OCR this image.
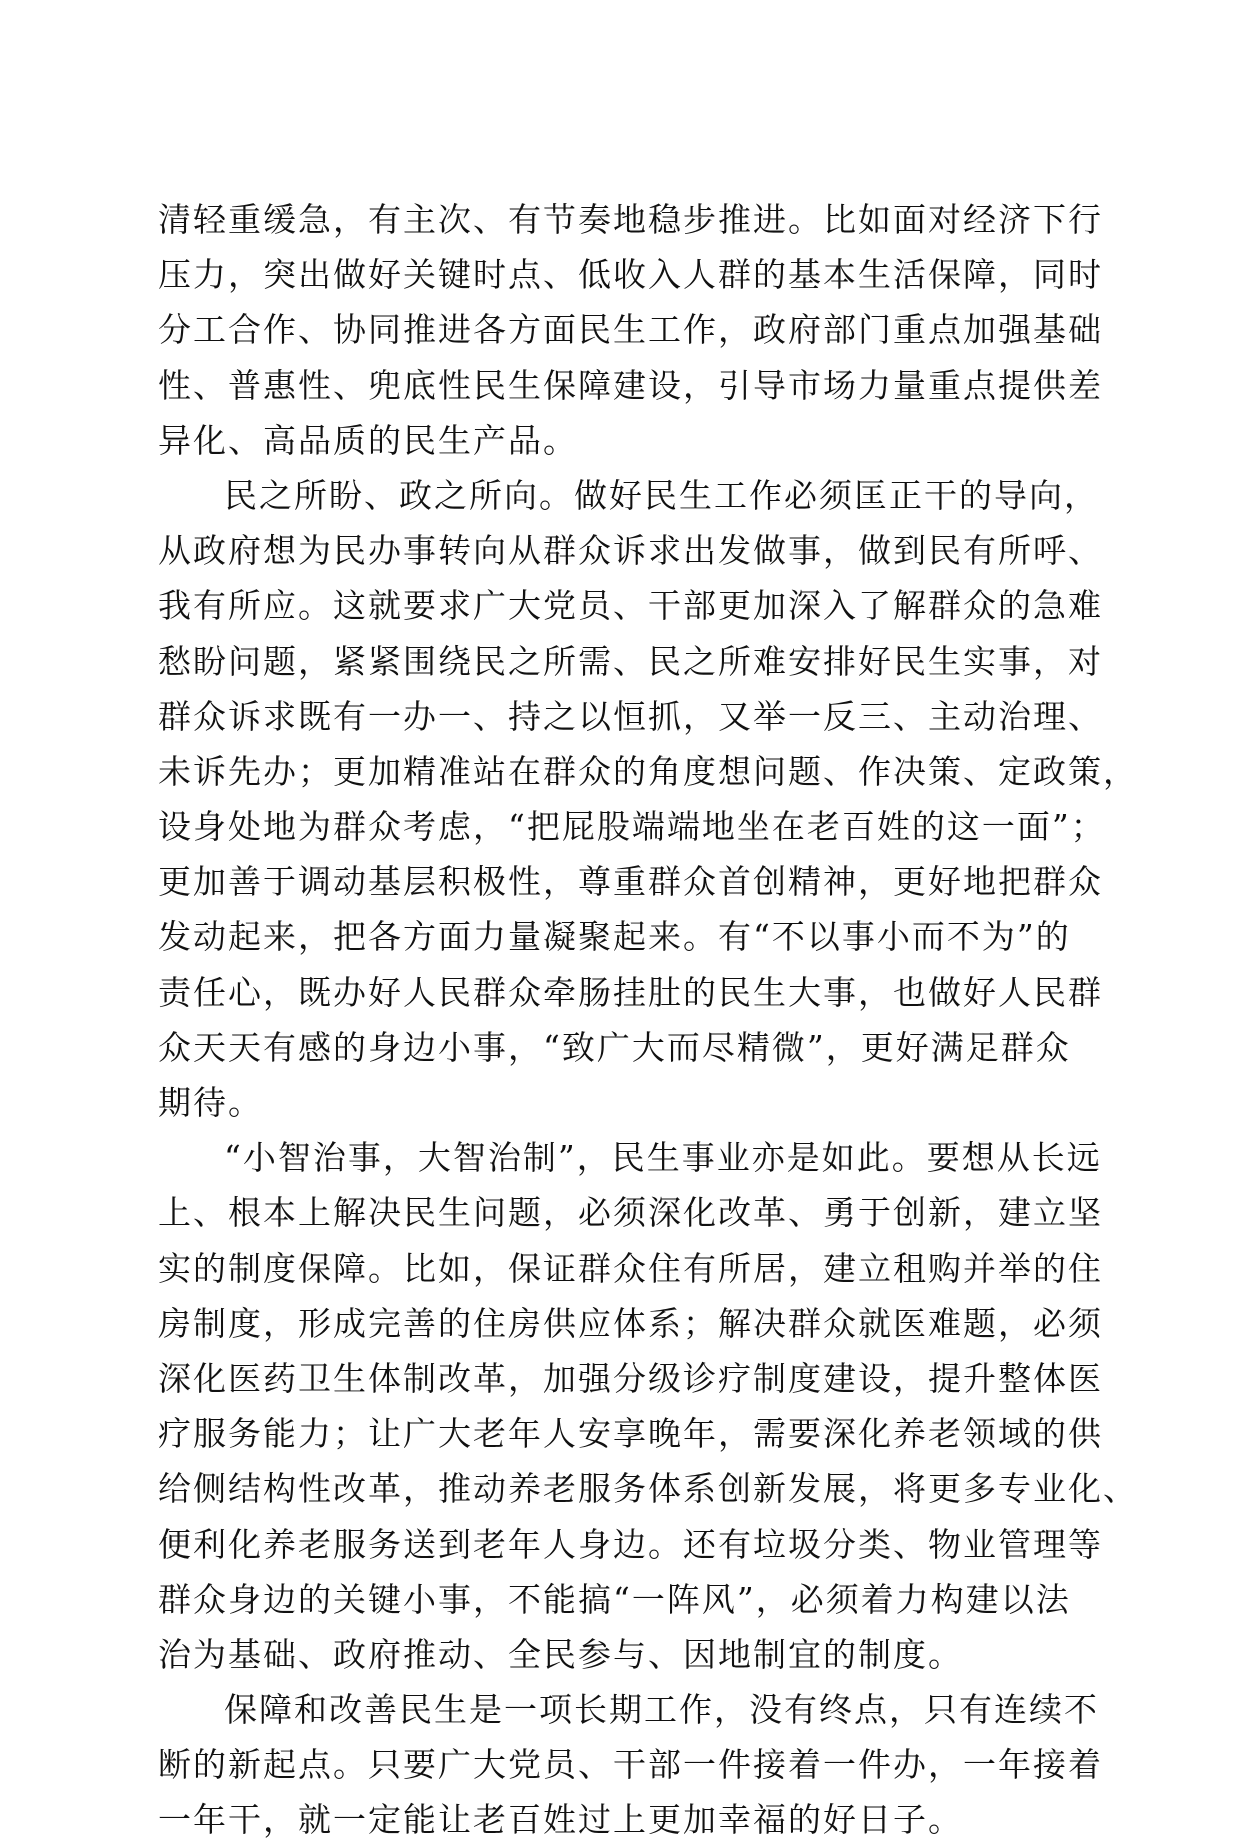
清轻重缓急，有主次、有节奏地稳步推进。比如面对经济下行
压力，突出做好关键时点、低收入人群的基本生活保障，同时
分工合作、协同推进各方面民生工作，政府部门重点加强基础
性、普惠性、兜底性民生保障建设，引导市场力量重点提供差
异化、高品质的民生产品。
民之所盼、政之所向。做好民生工作必须匡正干的导向，
从政府想为民办事转向从群众诉求出发做事，做到民有所呼、
我有所应。这就要求广大党员、干部更加深入了解群众的急难
愁盼问题，紧紧围绕民之所需、民之所难安排好民生实事，对
群众诉求既有一办一、持之以恒抓，又举一反三、主动治理、
未诉先办；更加精准站在群众的角度想问题、作决策、定政策，
设身处地为群众考虑，“把屁股端端地坐在老百姓的这一面”；
更加善于调动基层积极性，尊重群众首创精神，更好地把群众
发动起来，把各方面力量凝聚起来。有“不以事小而不为”的
责任心，既办好人民群众牵肠挂肚的民生大事，也做好人民群
众天天有感的身边小事，“致广大而尽精微”，更好满足群众
期待。
“小智治事，大智治制”，民生事业亦是如此。要想从长远
上、根本上解决民生问题，必须深化改革、勇于创新，建立坚
实的制度保障。比如，保证群众住有所居，建立租购并举的住
房制度，形成完善的住房供应体系；解决群众就医难题，必须
深化医药卫生体制改革，加强分级诊疗制度建设，提升整体医
疗服务能力；让广大老年人安享晚年，需要深化养老领域的供
给侧结构性改革，推动养老服务体系创新发展，将更多专业化、
便利化养老服务送到老年人身边。还有垃圾分类、物业管理等
群众身边的关键小事，不能搞“一阵风”，必须着力构建以法
治为基础、政府推动、全民参与、因地制宜的制度。
保障和改善民生是一项长期工作，没有终点，只有连续不
断的新起点。只要广大党员、干部一件接着一件办，一年接着
一年干，就一定能让老百姓过上更加幸福的好日子。
